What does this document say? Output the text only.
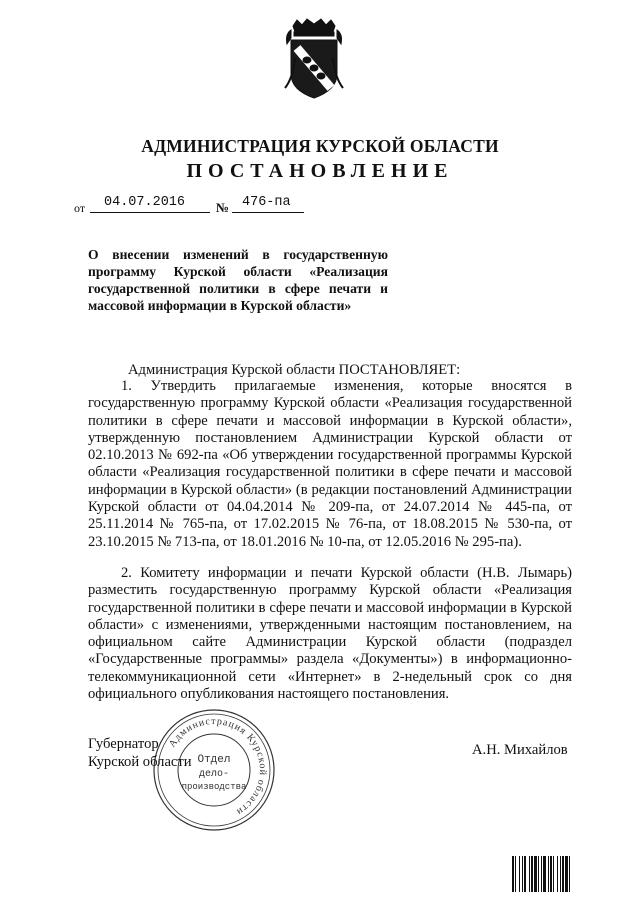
АДМИНИСТРАЦИЯ КУРСКОЙ ОБЛАСТИ
ПОСТАНОВЛЕНИЕ
от 04.07.2016 № 476-па
О внесении изменений в государственную программу Курской области «Реализация государственной политики в сфере печати и массовой информации в Курской области»
Администрация Курской области ПОСТАНОВЛЯЕТ:
1. Утвердить прилагаемые изменения, которые вносятся в государственную программу Курской области «Реализация государственной политики в сфере печати и массовой информации в Курской области», утвержденную постановлением Администрации Курской области от 02.10.2013 № 692-па «Об утверждении государственной программы Курской области «Реализация государственной политики в сфере печати и массовой информации в Курской области» (в редакции постановлений Администрации Курской области от 04.04.2014 № 209-па, от 24.07.2014 № 445-па, от 25.11.2014 № 765-па, от 17.02.2015 № 76-па, от 18.08.2015 № 530-па, от 23.10.2015 № 713-па, от 18.01.2016 № 10-па, от 12.05.2016 № 295-па).
2. Комитету информации и печати Курской области (Н.В. Лымарь) разместить государственную программу Курской области «Реализация государственной политики в сфере печати и массовой информации в Курской области» с изменениями, утвержденными настоящим постановлением, на официальном сайте Администрации Курской области (подраздел «Государственные программы» раздела «Документы») в информационно-телекоммуникационной сети «Интернет» в 2-недельный срок со дня официального опубликования настоящего постановления.
Администрация Курской области
Отдел
дело-
производства
Губернатор
Курской области
А.Н. Михайлов
